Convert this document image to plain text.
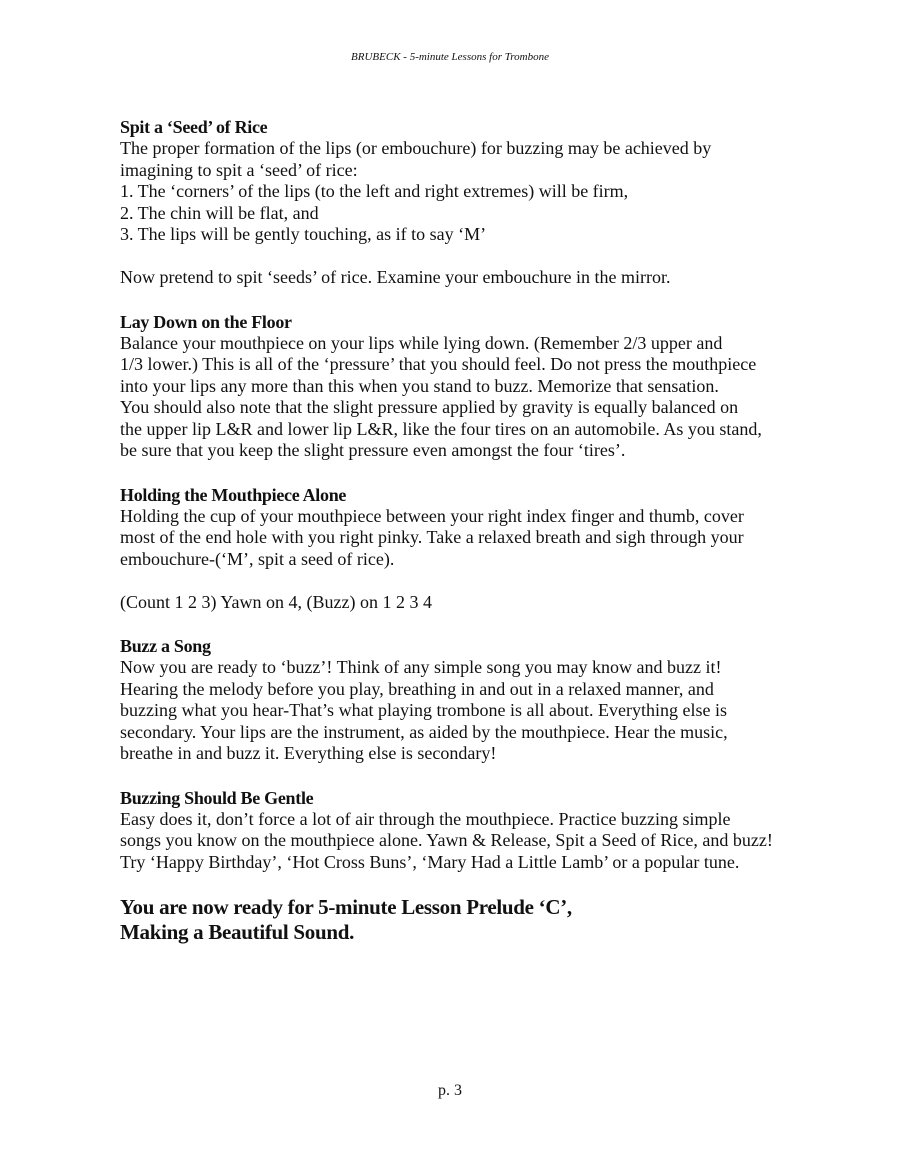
BRUBECK - 5-minute Lessons for Trombone
Spit a ‘Seed’ of Rice

The proper formation of the lips (or embouchure) for buzzing may be achieved by
imagining to spit a ‘seed’ of rice:
1. The ‘corners’ of the lips (to the left and right extremes) will be firm,
2. The chin will be flat, and
3. The lips will be gently touching, as if to say ‘M’

Now pretend to spit ‘seeds’ of rice. Examine your embouchure in the mirror.

Lay Down on the Floor

Balance your mouthpiece on your lips while lying down. (Remember 2/3 upper and
1/3 lower.) This is all of the ‘pressure’ that you should feel. Do not press the mouthpiece
into your lips any more than this when you stand to buzz. Memorize that sensation.
You should also note that the slight pressure applied by gravity is equally balanced on
the upper lip L&R and lower lip L&R, like the four tires on an automobile. As you stand,
be sure that you keep the slight pressure even amongst the four ‘tires’.

Holding the Mouthpiece Alone

Holding the cup of your mouthpiece between your right index finger and thumb, cover
most of the end hole with you right pinky. Take a relaxed breath and sigh through your
embouchure-(‘M’, spit a seed of rice).

(Count 1 2 3) Yawn on 4, (Buzz) on 1 2 3 4

Buzz a Song

Now you are ready to ‘buzz’! Think of any simple song you may know and buzz it!
Hearing the melody before you play, breathing in and out in a relaxed manner, and
buzzing what you hear-That’s what playing trombone is all about. Everything else is
secondary. Your lips are the instrument, as aided by the mouthpiece. Hear the music,
breathe in and buzz it. Everything else is secondary!

Buzzing Should Be Gentle

Easy does it, don’t force a lot of air through the mouthpiece. Practice buzzing simple
songs you know on the mouthpiece alone. Yawn & Release, Spit a Seed of Rice, and buzz!
Try ‘Happy Birthday’, ‘Hot Cross Buns’, ‘Mary Had a Little Lamb’ or a popular tune.

You are now ready for 5-minute Lesson Prelude ‘C’,
Making a Beautiful Sound.
p. 3
